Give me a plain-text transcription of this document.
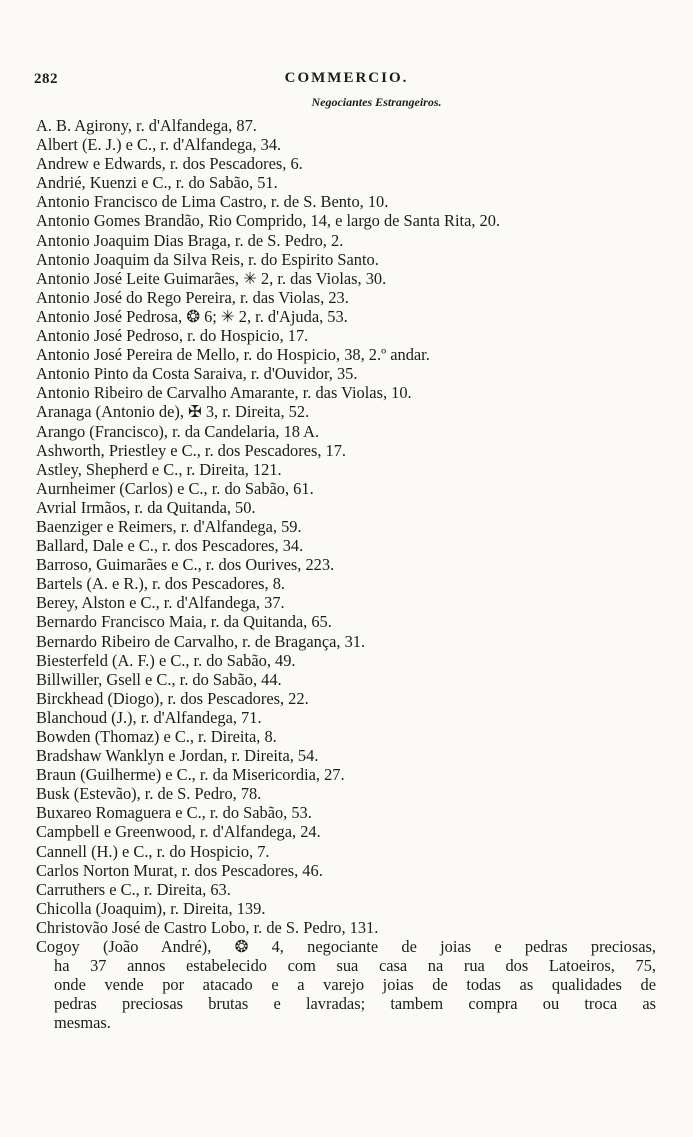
282	COMMERCIO.
Negociantes Estrangeiros.
A. B. Agirony, r. d'Alfandega, 87.
Albert (E. J.) e C., r. d'Alfandega, 34.
Andrew e Edwards, r. dos Pescadores, 6.
Andrié, Kuenzi e C., r. do Sabão, 51.
Antonio Francisco de Lima Castro, r. de S. Bento, 10.
Antonio Gomes Brandão, Rio Comprido, 14, e largo de Santa Rita, 20.
Antonio Joaquim Dias Braga, r. de S. Pedro, 2.
Antonio Joaquim da Silva Reis, r. do Espirito Santo.
Antonio José Leite Guimarães, ✳ 2, r. das Violas, 30.
Antonio José do Rego Pereira, r. das Violas, 23.
Antonio José Pedrosa, ❂ 6; ✳ 2, r. d'Ajuda, 53.
Antonio José Pedroso, r. do Hospicio, 17.
Antonio José Pereira de Mello, r. do Hospicio, 38, 2.º andar.
Antonio Pinto da Costa Saraiva, r. d'Ouvidor, 35.
Antonio Ribeiro de Carvalho Amarante, r. das Violas, 10.
Aranaga (Antonio de), ✠ 3, r. Direita, 52.
Arango (Francisco), r. da Candelaria, 18 A.
Ashworth, Priestley e C., r. dos Pescadores, 17.
Astley, Shepherd e C., r. Direita, 121.
Aurnheimer (Carlos) e C., r. do Sabão, 61.
Avrial Irmãos, r. da Quitanda, 50.
Baenziger e Reimers, r. d'Alfandega, 59.
Ballard, Dale e C., r. dos Pescadores, 34.
Barroso, Guimarães e C., r. dos Ourives, 223.
Bartels (A. e R.), r. dos Pescadores, 8.
Berey, Alston e C., r. d'Alfandega, 37.
Bernardo Francisco Maia, r. da Quitanda, 65.
Bernardo Ribeiro de Carvalho, r. de Bragança, 31.
Biesterfeld (A. F.) e C., r. do Sabão, 49.
Billwiller, Gsell e C., r. do Sabão, 44.
Birckhead (Diogo), r. dos Pescadores, 22.
Blanchoud (J.), r. d'Alfandega, 71.
Bowden (Thomaz) e C., r. Direita, 8.
Bradshaw Wanklyn e Jordan, r. Direita, 54.
Braun (Guilherme) e C., r. da Misericordia, 27.
Busk (Estevão), r. de S. Pedro, 78.
Buxareo Romaguera e C., r. do Sabão, 53.
Campbell e Greenwood, r. d'Alfandega, 24.
Cannell (H.) e C., r. do Hospicio, 7.
Carlos Norton Murat, r. dos Pescadores, 46.
Carruthers e C., r. Direita, 63.
Chicolla (Joaquim), r. Direita, 139.
Christovão José de Castro Lobo, r. de S. Pedro, 131.
Cogoy (João André), ❂ 4, negociante de joias e pedras preciosas,
ha 37 annos estabelecido com sua casa na rua dos Latoeiros, 75,
onde vende por atacado e a varejo joias de todas as qualidades de
pedras preciosas brutas e lavradas; tambem compra ou troca as
mesmas.
